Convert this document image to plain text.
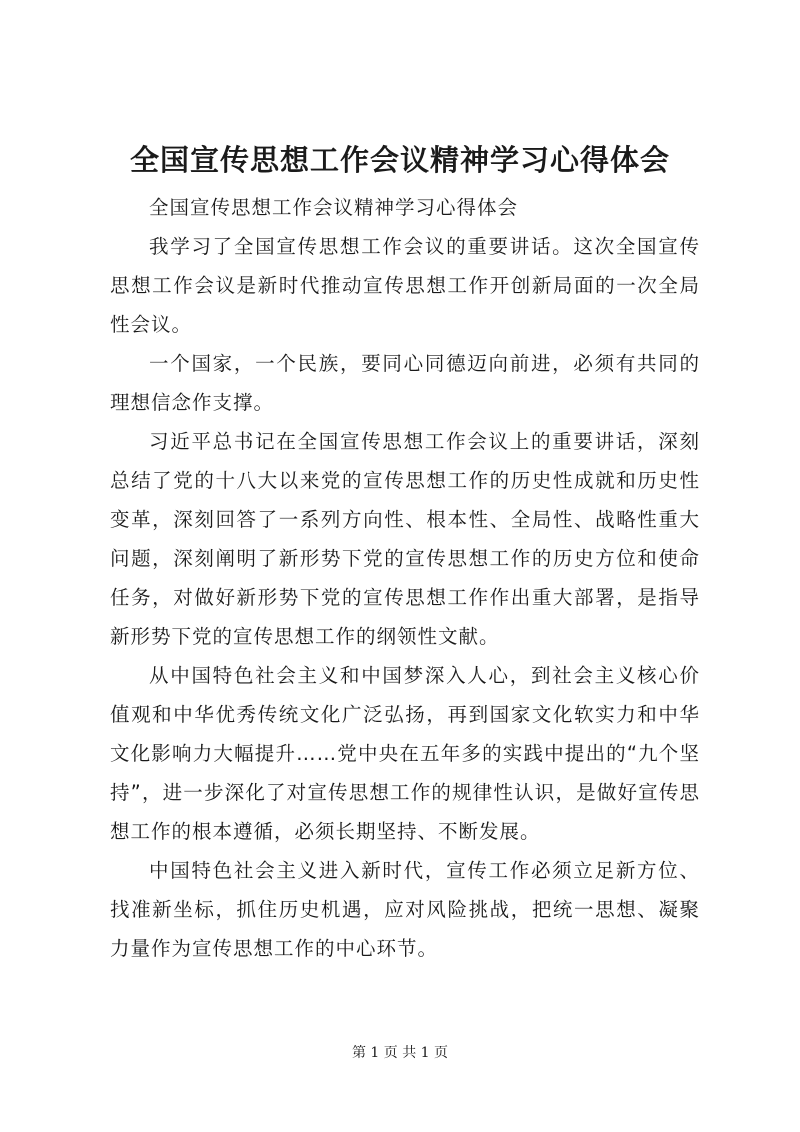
全国宣传思想工作会议精神学习心得体会

全国宣传思想工作会议精神学习心得体会

我学习了全国宣传思想工作会议的重要讲话。这次全国宣传思想工作会议是新时代推动宣传思想工作开创新局面的一次全局性会议。

一个国家，一个民族，要同心同德迈向前进，必须有共同的理想信念作支撑。

习近平总书记在全国宣传思想工作会议上的重要讲话，深刻总结了党的十八大以来党的宣传思想工作的历史性成就和历史性变革，深刻回答了一系列方向性、根本性、全局性、战略性重大问题，深刻阐明了新形势下党的宣传思想工作的历史方位和使命任务，对做好新形势下党的宣传思想工作作出重大部署，是指导新形势下党的宣传思想工作的纲领性文献。

从中国特色社会主义和中国梦深入人心，到社会主义核心价值观和中华优秀传统文化广泛弘扬，再到国家文化软实力和中华文化影响力大幅提升……党中央在五年多的实践中提出的“九个坚持”，进一步深化了对宣传思想工作的规律性认识，是做好宣传思想工作的根本遵循，必须长期坚持、不断发展。

中国特色社会主义进入新时代，宣传工作必须立足新方位、找准新坐标，抓住历史机遇，应对风险挑战，把统一思想、凝聚力量作为宣传思想工作的中心环节。

第 1 页 共 1 页
